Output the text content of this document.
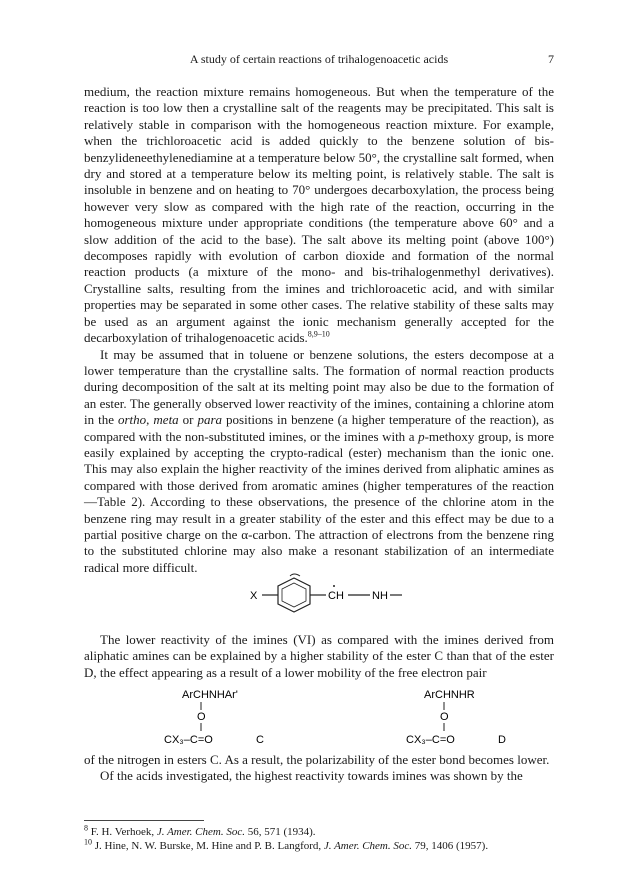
A study of certain reactions of trihalogenoacetic acids	7

medium, the reaction mixture remains homogeneous. But when the temperature of the reaction is too low then a crystalline salt of the reagents may be precipitated. This salt is relatively stable in comparison with the homogeneous reaction mixture. For example, when the trichloroacetic acid is added quickly to the benzene solution of bis-benzylideneethylenediamine at a temperature below 50°, the crystalline salt formed, when dry and stored at a temperature below its melting point, is relatively stable. The salt is insoluble in benzene and on heating to 70° undergoes decarboxylation, the process being however very slow as compared with the high rate of the reaction, occurring in the homogeneous mixture under appropriate conditions (the temperature above 60° and a slow addition of the acid to the base). The salt above its melting point (above 100°) decomposes rapidly with evolution of carbon dioxide and formation of the normal reaction products (a mixture of the mono- and bis-trihalogenmethyl derivatives). Crystalline salts, resulting from the imines and trichloroacetic acid, and with similar properties may be separated in some other cases. The relative stability of these salts may be used as an argument against the ionic mechanism generally accepted for the decarboxylation of trihalogenoacetic acids.$^{8,9-10}$

It may be assumed that in toluene or benzene solutions, the esters decompose at a lower temperature than the crystalline salts. The formation of normal reaction products during decomposition of the salt at its melting point may also be due to the formation of an ester. The generally observed lower reactivity of the imines, containing a chlorine atom in the ortho, meta or para positions in benzene (a higher temperature of the reaction), as compared with the non-substituted imines, or the imines with a p-methoxy group, is more easily explained by accepting the crypto-radical (ester) mechanism than the ionic one. This may also explain the higher reactivity of the imines derived from aliphatic amines as compared with those derived from aromatic amines (higher temperatures of the reaction—Table 2). According to these observations, the presence of the chlorine atom in the benzene ring may result in a greater stability of the ester and this effect may be due to a partial positive charge on the α-carbon. The attraction of electrons from the benzene ring to the substituted chlorine may also make a resonant stabilization of an intermediate radical more difficult.

X	CH	NH

The lower reactivity of the imines (VI) as compared with the imines derived from aliphatic amines can be explained by a higher stability of the ester C than that of the ester D, the effect appearing as a result of a lower mobility of the free electron pair

ArCHNHAr'
O
CX₃–C=O	C
ArCHNHR
O
CX₃–C=O	D

of the nitrogen in esters C. As a result, the polarizability of the ester bond becomes lower.

Of the acids investigated, the highest reactivity towards imines was shown by the

$^8$ F. H. Verhoek, J. Amer. Chem. Soc. 56, 571 (1934).
$^{10}$ J. Hine, N. W. Burske, M. Hine and P. B. Langford, J. Amer. Chem. Soc. 79, 1406 (1957).
